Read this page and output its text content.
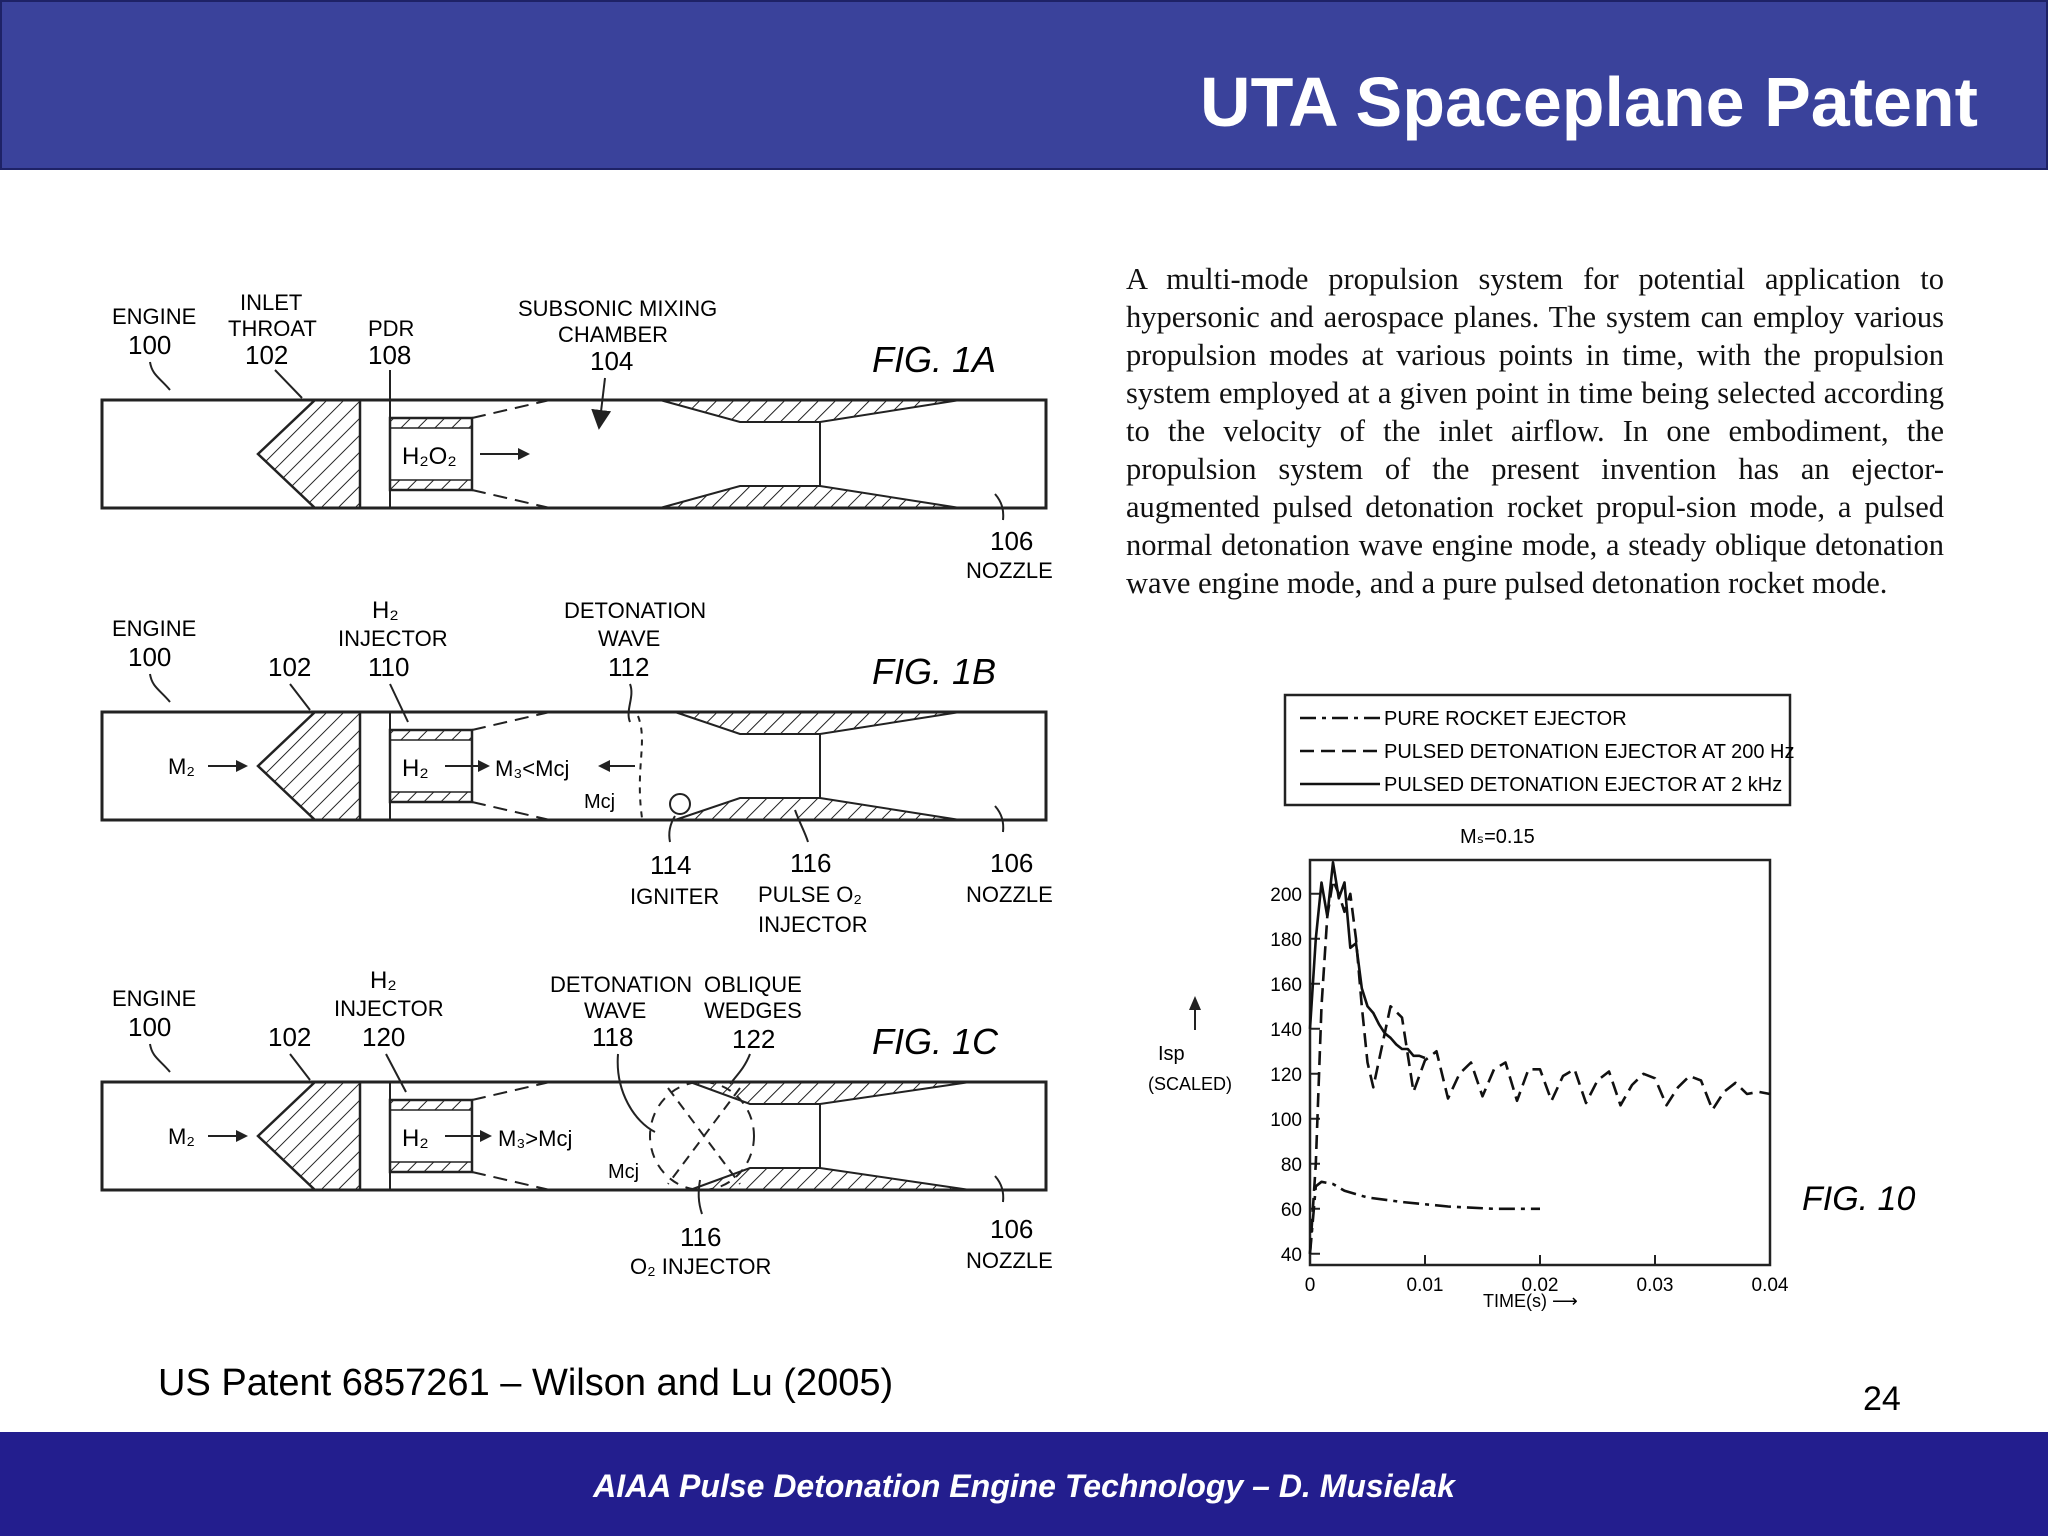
UTA Spaceplane Patent
A multi-mode propulsion system for potential application to hypersonic and aerospace planes. The system can employ various propulsion modes at various points in time, with the propulsion system employed at a given point in time being selected according to the velocity of the inlet airflow. In one embodiment, the propulsion system of the present invention has an ejector-augmented pulsed detonation rocket propul-sion mode, a pulsed normal detonation wave engine mode, a steady oblique detonation wave engine mode, and a pure pulsed detonation rocket mode.
ENGINE
100
INLET
THROAT
102
PDR
108
SUBSONIC MIXING
CHAMBER
104	FIG. 1A
H₂O₂
106
NOZZLE
ENGINE
100	102
H₂
INJECTOR
110
DETONATION
WAVE
112	FIG. 1B
M₂	H₂	M₃<Mcj
Mcj
114
IGNITER
116
PULSE O₂
INJECTOR
106
NOZZLE
ENGINE
100	102
H₂
INJECTOR
120
DETONATION
WAVE
118
OBLIQUE
WEDGES
122	FIG. 1C
M₂	H₂	M₃>Mcj
Mcj
116
O₂ INJECTOR
106
NOZZLE
PURE ROCKET EJECTOR
PULSED DETONATION EJECTOR AT 200 Hz
PULSED DETONATION EJECTOR AT 2 kHz
Mₛ=0.15
Isp
(SCALED)
TIME(s) ⟶
FIG. 10
40
60
80
100
120
140
160
180
200
0	0.01	0.02	0.03	0.04
US Patent 6857261 – Wilson and Lu (2005)	24
AIAA Pulse Detonation Engine Technology – D. Musielak
